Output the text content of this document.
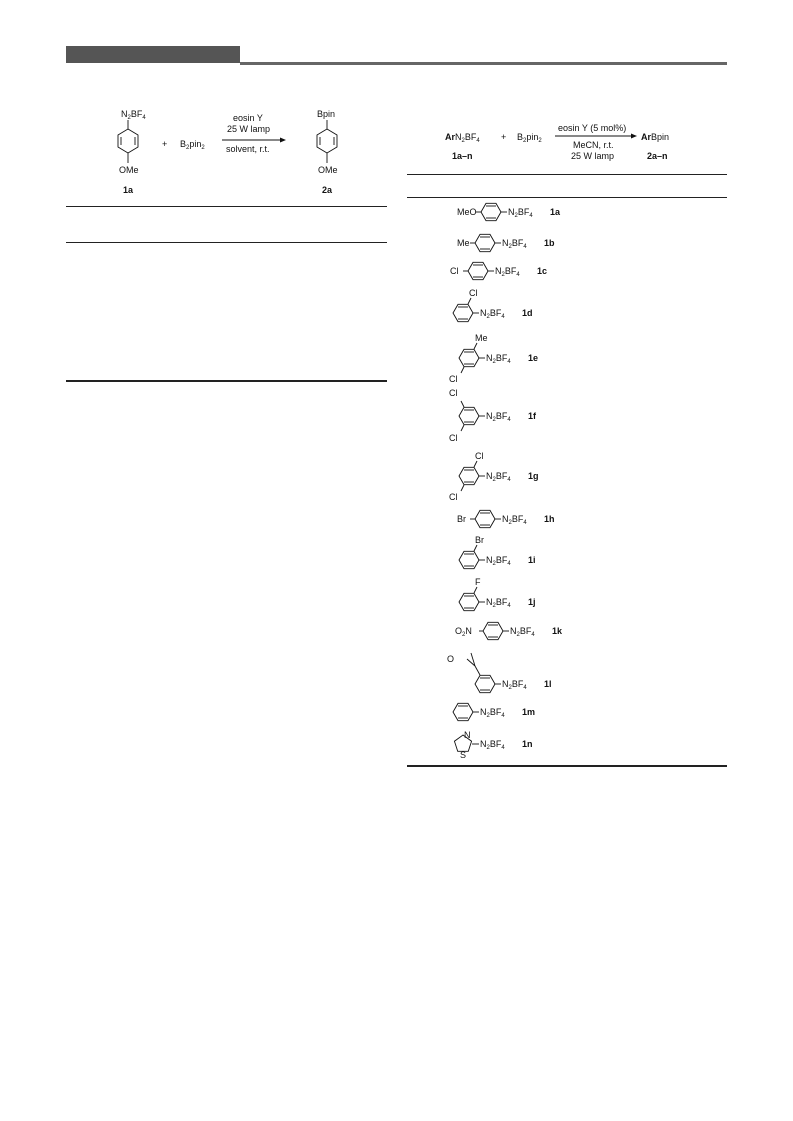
$N_2BF_4$
OMe
1a
+ $B_2pin_2$
eosin Y
25 W lamp
solvent, r.t.
Bpin
OMe
2a
$ArN_2BF_4 + B_2pin_2$
eosin Y (5 mol%)
MeCN, r.t.
25 W lamp
ArBpin
1a–n	2a–n
MeO	$N_2BF_4$ 1a
Me	$N_2BF_4$ 1b
Cl	$N_2BF_4$ 1c
Cl
$N_2BF_4$ 1d
Me
Cl
$N_2BF_4$ 1e
Cl
Cl
$N_2BF_4$ 1f
Cl
Cl
$N_2BF_4$ 1g
Br	$N_2BF_4$ 1h
Br
$N_2BF_4$ 1i
F
$N_2BF_4$ 1j
$O_2N$	$N_2BF_4$ 1k
O
$N_2BF_4$ 1l
$N_2BF_4$ 1m
N
S
$N_2BF_4$ 1n
